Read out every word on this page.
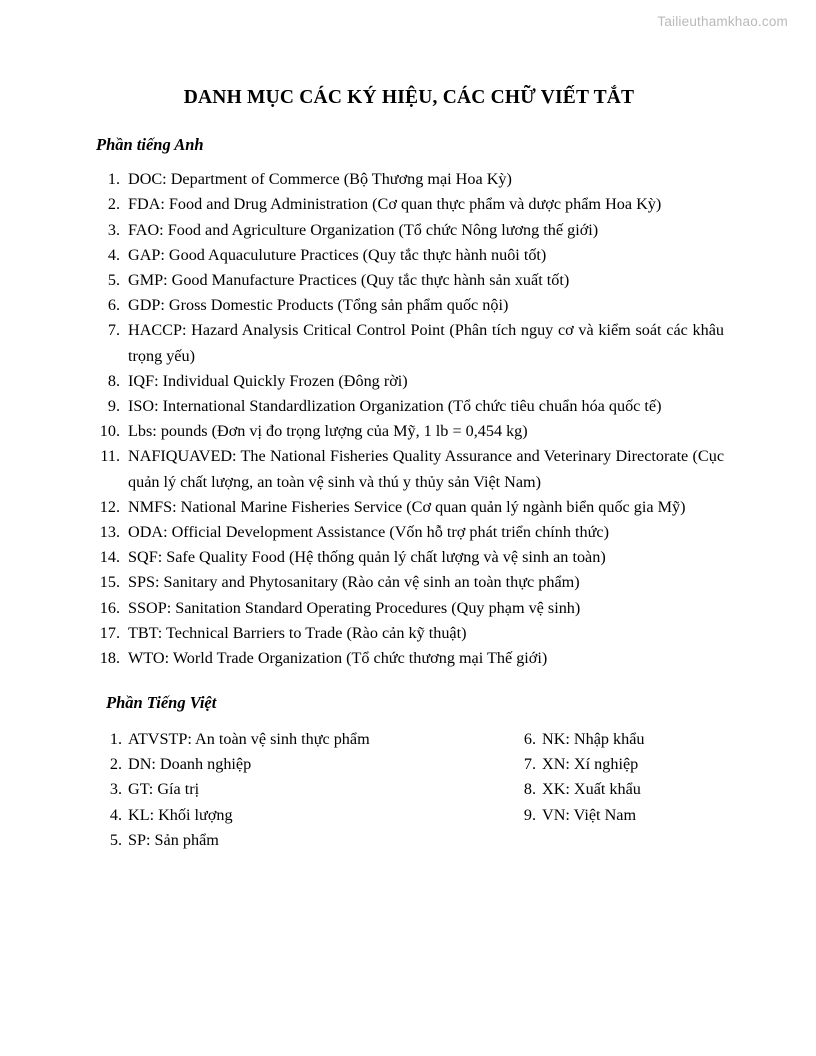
Tailieuthamkhao.com
DANH MỤC CÁC KÝ HIỆU, CÁC CHỮ VIẾT TẮT
Phần tiếng Anh
1. DOC: Department of Commerce (Bộ Thương mại Hoa Kỳ)
2. FDA: Food and Drug Administration (Cơ quan thực phẩm và dược phẩm Hoa Kỳ)
3. FAO: Food and Agriculture Organization (Tổ chức Nông lương thế giới)
4. GAP: Good Aquaculuture Practices (Quy tắc thực hành nuôi tốt)
5. GMP: Good Manufacture Practices (Quy tắc thực hành sản xuất tốt)
6. GDP: Gross Domestic Products (Tổng sản phẩm quốc nội)
7. HACCP: Hazard Analysis Critical Control Point (Phân tích nguy cơ và kiểm soát các khâu trọng yếu)
8. IQF: Individual Quickly Frozen (Đông rời)
9. ISO: International Standardlization Organization (Tổ chức tiêu chuẩn hóa quốc tế)
10. Lbs: pounds (Đơn vị đo trọng lượng của Mỹ, 1 lb = 0,454 kg)
11. NAFIQUAVED: The National Fisheries Quality Assurance and Veterinary Directorate (Cục quản lý chất lượng, an toàn vệ sinh và thú y thủy sản Việt Nam)
12. NMFS: National Marine Fisheries Service (Cơ quan quản lý ngành biển quốc gia Mỹ)
13. ODA: Official Development Assistance (Vốn hỗ trợ phát triển chính thức)
14. SQF: Safe Quality Food (Hệ thống quản lý chất lượng và vệ sinh an toàn)
15. SPS: Sanitary and Phytosanitary (Rào cản vệ sinh an toàn thực phẩm)
16. SSOP: Sanitation Standard Operating Procedures (Quy phạm vệ sinh)
17. TBT: Technical Barriers to Trade (Rào cản kỹ thuật)
18. WTO: World Trade Organization (Tổ chức thương mại Thế giới)
Phần Tiếng Việt
1. ATVSTP: An toàn vệ sinh thực phẩm
2. DN: Doanh nghiệp
3. GT: Gía trị
4. KL: Khối lượng
5. SP: Sản phẩm
6. NK: Nhập khẩu
7. XN: Xí nghiệp
8. XK: Xuất khẩu
9. VN: Việt Nam
